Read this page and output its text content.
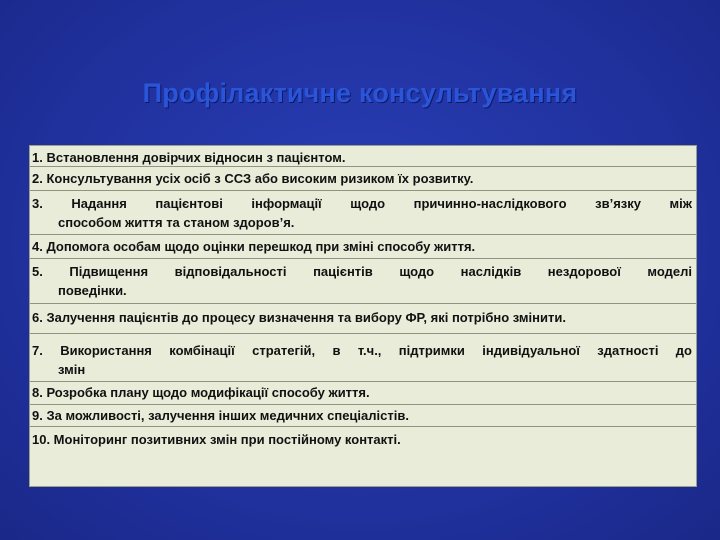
Профілактичне консультування
1. Встановлення довірчих відносин з пацієнтом.
2. Консультування усіх осіб з ССЗ або високим ризиком їх розвитку.
3. Надання пацієнтові інформації щодо причинно-наслідкового зв’язку між
способом життя та станом здоров’я.
4. Допомога особам щодо оцінки перешкод при зміні способу життя.
5. Підвищення відповідальності пацієнтів щодо наслідків нездорової моделі
поведінки.
6. Залучення пацієнтів до процесу визначення та вибору ФР, які потрібно змінити.
7. Використання комбінації стратегій, в т.ч., підтримки індивідуальної здатності до
змін
8. Розробка плану щодо модифікації способу життя.
9. За можливості, залучення інших медичних спеціалістів.
10. Моніторинг позитивних змін при постійному контакті.
